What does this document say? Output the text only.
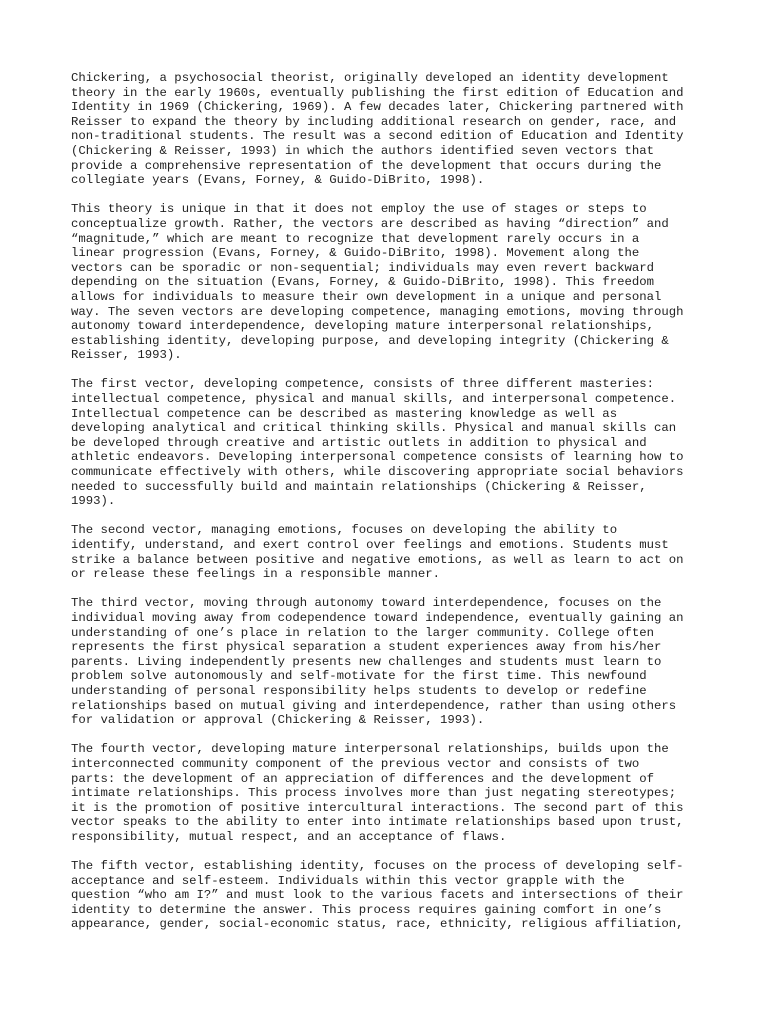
Chickering, a psychosocial theorist, originally developed an identity development
theory in the early 1960s, eventually publishing the first edition of Education and
Identity in 1969 (Chickering, 1969). A few decades later, Chickering partnered with
Reisser to expand the theory by including additional research on gender, race, and
non-traditional students. The result was a second edition of Education and Identity
(Chickering & Reisser, 1993) in which the authors identified seven vectors that
provide a comprehensive representation of the development that occurs during the
collegiate years (Evans, Forney, & Guido-DiBrito, 1998).

This theory is unique in that it does not employ the use of stages or steps to
conceptualize growth. Rather, the vectors are described as having “direction” and
“magnitude,” which are meant to recognize that development rarely occurs in a
linear progression (Evans, Forney, & Guido-DiBrito, 1998). Movement along the
vectors can be sporadic or non-sequential; individuals may even revert backward
depending on the situation (Evans, Forney, & Guido-DiBrito, 1998). This freedom
allows for individuals to measure their own development in a unique and personal
way. The seven vectors are developing competence, managing emotions, moving through
autonomy toward interdependence, developing mature interpersonal relationships,
establishing identity, developing purpose, and developing integrity (Chickering &
Reisser, 1993).

The first vector, developing competence, consists of three different masteries:
intellectual competence, physical and manual skills, and interpersonal competence.
Intellectual competence can be described as mastering knowledge as well as
developing analytical and critical thinking skills. Physical and manual skills can
be developed through creative and artistic outlets in addition to physical and
athletic endeavors. Developing interpersonal competence consists of learning how to
communicate effectively with others, while discovering appropriate social behaviors
needed to successfully build and maintain relationships (Chickering & Reisser,
1993).

The second vector, managing emotions, focuses on developing the ability to
identify, understand, and exert control over feelings and emotions. Students must
strike a balance between positive and negative emotions, as well as learn to act on
or release these feelings in a responsible manner.

The third vector, moving through autonomy toward interdependence, focuses on the
individual moving away from codependence toward independence, eventually gaining an
understanding of one’s place in relation to the larger community. College often
represents the first physical separation a student experiences away from his/her
parents. Living independently presents new challenges and students must learn to
problem solve autonomously and self-motivate for the first time. This newfound
understanding of personal responsibility helps students to develop or redefine
relationships based on mutual giving and interdependence, rather than using others
for validation or approval (Chickering & Reisser, 1993).

The fourth vector, developing mature interpersonal relationships, builds upon the
interconnected community component of the previous vector and consists of two
parts: the development of an appreciation of differences and the development of
intimate relationships. This process involves more than just negating stereotypes;
it is the promotion of positive intercultural interactions. The second part of this
vector speaks to the ability to enter into intimate relationships based upon trust,
responsibility, mutual respect, and an acceptance of flaws.

The fifth vector, establishing identity, focuses on the process of developing self-
acceptance and self-esteem. Individuals within this vector grapple with the
question “who am I?” and must look to the various facets and intersections of their
identity to determine the answer. This process requires gaining comfort in one’s
appearance, gender, social-economic status, race, ethnicity, religious affiliation,
